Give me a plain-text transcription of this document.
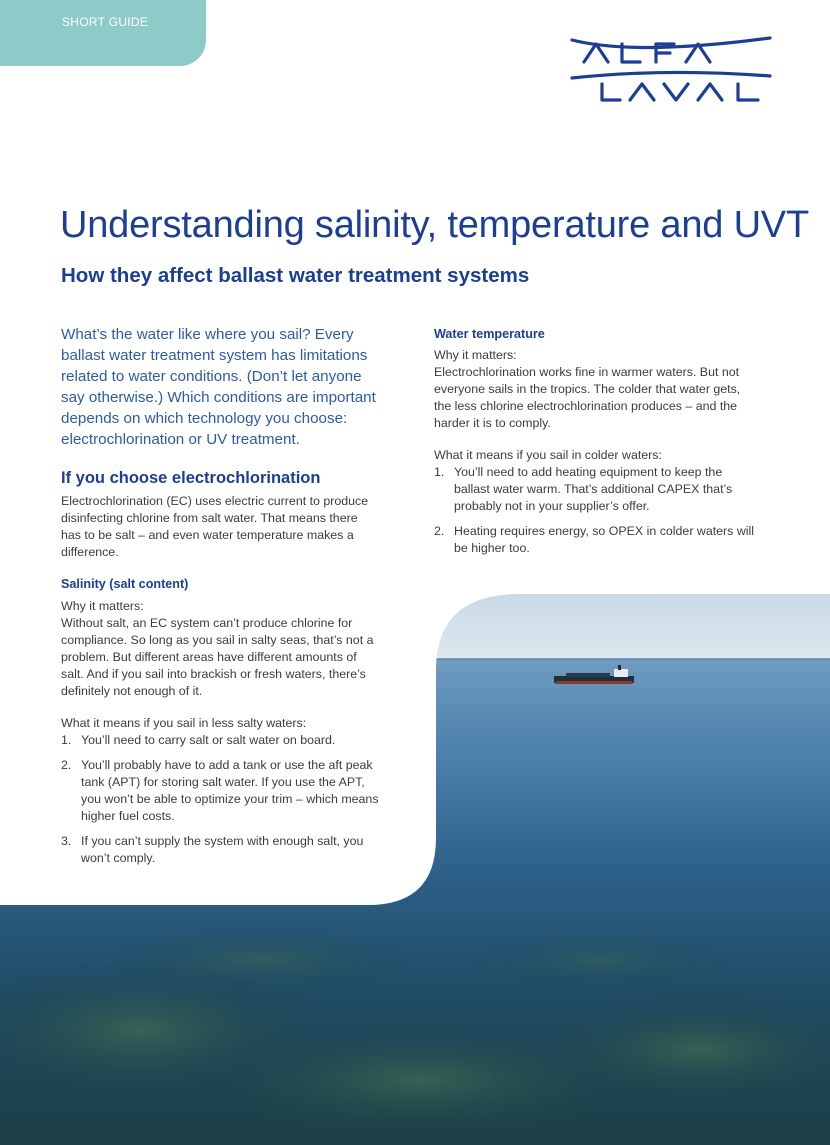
SHORT GUIDE
Understanding salinity, temperature and UVT
How they affect ballast water treatment systems

What’s the water like where you sail? Every ballast water treatment system has limitations related to water conditions. (Don’t let anyone say otherwise.) Which conditions are important depends on which technology you choose: electrochlorination or UV treatment.

If you choose electrochlorination

Electrochlorination (EC) uses electric current to produce disinfecting chlorine from salt water. That means there has to be salt – and even water temperature makes a difference.

Salinity (salt content)

Why it matters:

Without salt, an EC system can’t produce chlorine for compliance. So long as you sail in salty seas, that’s not a problem. But different areas have different amounts of salt. And if you sail into brackish or fresh waters, there’s definitely not enough of it.

What it means if you sail in less salty waters:

1. You’ll need to carry salt or salt water on board.
2. You’ll probably have to add a tank or use the aft peak tank (APT) for storing salt water. If you use the APT, you won’t be able to optimize your trim – which means higher fuel costs.
3. If you can’t supply the system with enough salt, you won’t comply.
Water temperature

Why it matters:

Electrochlorination works fine in warmer waters. But not everyone sails in the tropics. The colder that water gets, the less chlorine electrochlorination produces – and the harder it is to comply.

What it means if you sail in colder waters:

1. You’ll need to add heating equipment to keep the ballast water warm. That’s additional CAPEX that’s probably not in your supplier’s offer.
2. Heating requires energy, so OPEX in colder waters will be higher too.
